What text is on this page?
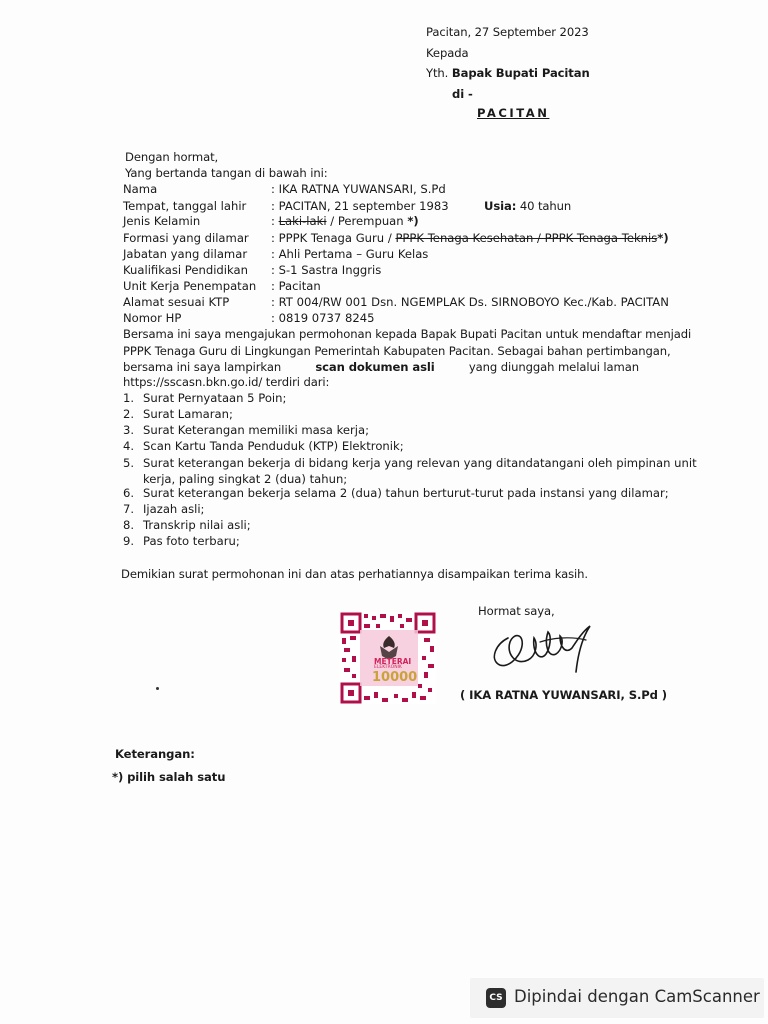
Pacitan, 27 September 2023
Kepada
Yth. Bapak Bupati Pacitan
di -
PACITAN
Dengan hormat,
Yang bertanda tangan di bawah ini:
Nama	: IKA RATNA YUWANSARI, S.Pd
Tempat, tanggal lahir : PACITAN, 21 september 1983	Usia: 40 tahun
Jenis Kelamin	: Laki-laki / Perempuan *)
Formasi yang dilamar : PPPK Tenaga Guru / PPPK Tenaga Kesehatan / PPPK Tenaga Teknis*)
Jabatan yang dilamar : Ahli Pertama – Guru Kelas
Kualifikasi Pendidikan : S-1 Sastra Inggris
Unit Kerja Penempatan : Pacitan
Alamat sesuai KTP	: RT 004/RW 001 Dsn. NGEMPLAK Ds. SIRNOBOYO Kec./Kab. PACITAN
Nomor HP	: 0819 0737 8245
Bersama ini saya mengajukan permohonan kepada Bapak Bupati Pacitan untuk mendaftar menjadi
PPPK Tenaga Guru di Lingkungan Pemerintah Kabupaten Pacitan. Sebagai bahan pertimbangan,
bersama ini saya lampirkan	scan dokumen asli	yang diunggah melalui laman
https://sscasn.bkn.go.id/ terdiri dari:
1. Surat Pernyataan 5 Poin;
2. Surat Lamaran;
3. Surat Keterangan memiliki masa kerja;
4. Scan Kartu Tanda Penduduk (KTP) Elektronik;
5. Surat keterangan bekerja di bidang kerja yang relevan yang ditandatangani oleh pimpinan unit
kerja, paling singkat 2 (dua) tahun;
6. Surat keterangan bekerja selama 2 (dua) tahun berturut-turut pada instansi yang dilamar;
7. Ijazah asli;
8. Transkrip nilai asli;
9. Pas foto terbaru;
Demikian surat permohonan ini dan atas perhatiannya disampaikan terima kasih.
Hormat saya,
( IKA RATNA YUWANSARI, S.Pd )
METERAI
ELEKTRONIK
10000
Keterangan:
*) pilih salah satu
CS Dipindai dengan CamScanner
